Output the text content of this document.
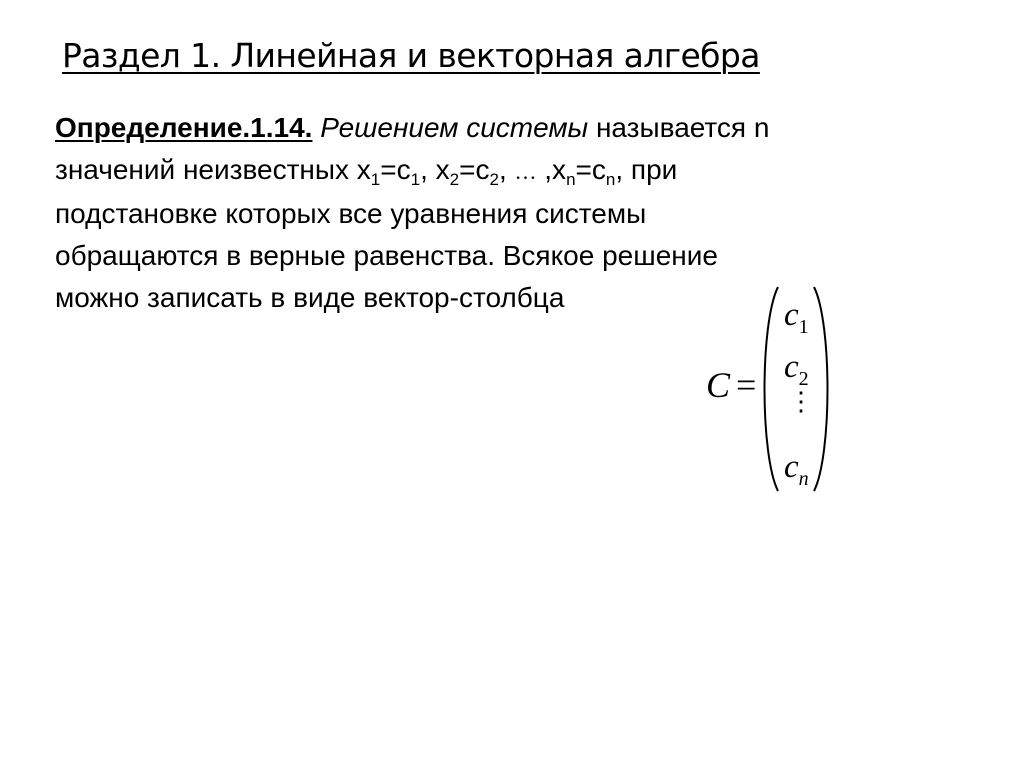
Раздел 1. Линейная и векторная алгебра
Определение.1.14. Решением системы называется n
значений неизвестных $x_1=c_1$, $x_2=c_2$, … $,x_n=c_n$, при
подстановке которых все уравнения системы
обращаются в верные равенства. Всякое решение
можно записать в виде вектор-столбца
C =
$c_1$
$c_2$
⋮
$c_n$
